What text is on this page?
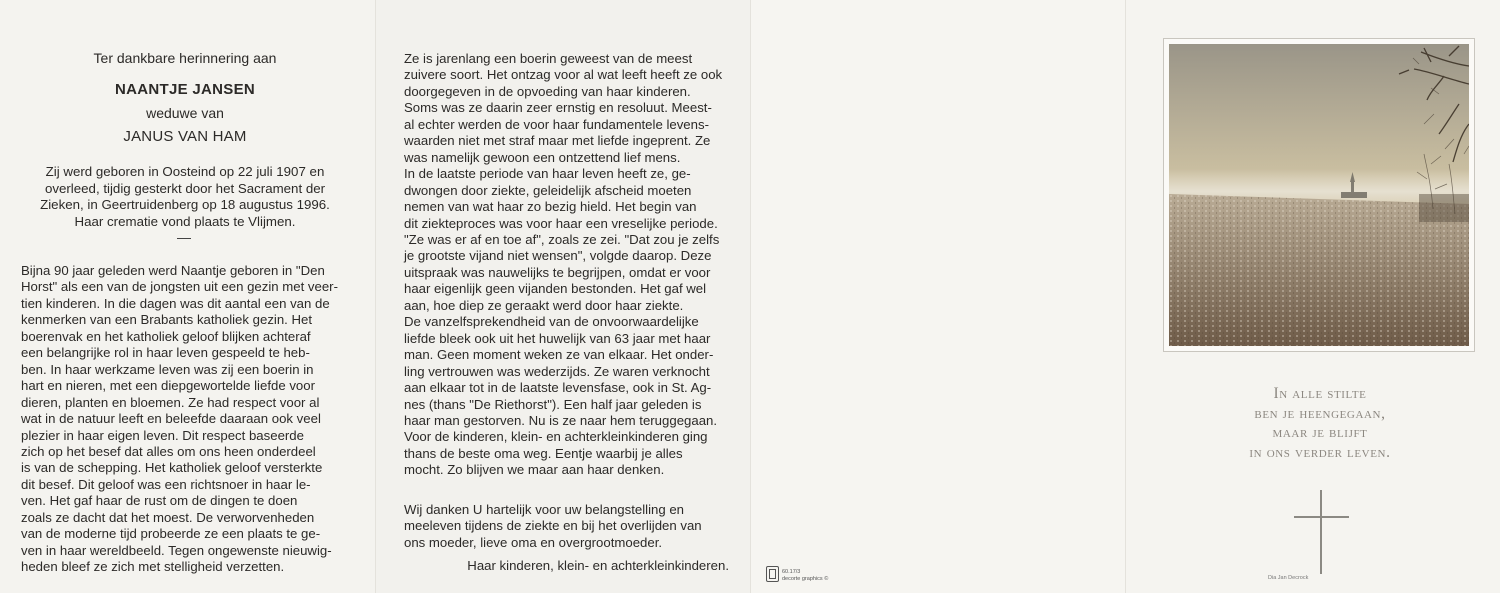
Ter dankbare herinnering aan
NAANTJE JANSEN
weduwe van
JANUS VAN HAM
Zij werd geboren in Oosteind op 22 juli 1907 en
overleed, tijdig gesterkt door het Sacrament der
Zieken, in Geertruidenberg op 18 augustus 1996.
Haar crematie vond plaats te Vlijmen.
Bijna 90 jaar geleden werd Naantje geboren in "Den
Horst" als een van de jongsten uit een gezin met veer-
tien kinderen. In die dagen was dit aantal een van de
kenmerken van een Brabants katholiek gezin. Het
boerenvak en het katholiek geloof blijken achteraf
een belangrijke rol in haar leven gespeeld te heb-
ben. In haar werkzame leven was zij een boerin in
hart en nieren, met een diepgewortelde liefde voor
dieren, planten en bloemen. Ze had respect voor al
wat in de natuur leeft en beleefde daaraan ook veel
plezier in haar eigen leven. Dit respect baseerde
zich op het besef dat alles om ons heen onderdeel
is van de schepping. Het katholiek geloof versterkte
dit besef. Dit geloof was een richtsnoer in haar le-
ven. Het gaf haar de rust om de dingen te doen
zoals ze dacht dat het moest. De verworvenheden
van de moderne tijd probeerde ze een plaats te ge-
ven in haar wereldbeeld. Tegen ongewenste nieuwig-
heden bleef ze zich met stelligheid verzetten.
Ze is jarenlang een boerin geweest van de meest
zuivere soort. Het ontzag voor al wat leeft heeft ze ook
doorgegeven in de opvoeding van haar kinderen.
Soms was ze daarin zeer ernstig en resoluut. Meest-
al echter werden de voor haar fundamentele levens-
waarden niet met straf maar met liefde ingeprent. Ze
was namelijk gewoon een ontzettend lief mens.
In de laatste periode van haar leven heeft ze, ge-
dwongen door ziekte, geleidelijk afscheid moeten
nemen van wat haar zo bezig hield. Het begin van
dit ziekteproces was voor haar een vreselijke periode.
"Ze was er af en toe af", zoals ze zei. "Dat zou je zelfs
je grootste vijand niet wensen", volgde daarop. Deze
uitspraak was nauwelijks te begrijpen, omdat er voor
haar eigenlijk geen vijanden bestonden. Het gaf wel
aan, hoe diep ze geraakt werd door haar ziekte.
De vanzelfsprekendheid van de onvoorwaardelijke
liefde bleek ook uit het huwelijk van 63 jaar met haar
man. Geen moment weken ze van elkaar. Het onder-
ling vertrouwen was wederzijds. Ze waren verknocht
aan elkaar tot in de laatste levensfase, ook in St. Ag-
nes (thans "De Riethorst"). Een half jaar geleden is
haar man gestorven. Nu is ze naar hem teruggegaan.
Voor de kinderen, klein- en achterkleinkinderen ging
thans de beste oma weg. Eentje waarbij je alles
mocht. Zo blijven we maar aan haar denken.
Wij danken U hartelijk voor uw belangstelling en
meeleven tijdens de ziekte en bij het overlijden van
ons moeder, lieve oma en overgrootmoeder.
Haar kinderen, klein- en achterkleinkinderen.	60.17/3
decorte graphics ©	Dia Jan Decrock
In alle stilte
ben je heengegaan,
maar je blijft
in ons verder leven.
